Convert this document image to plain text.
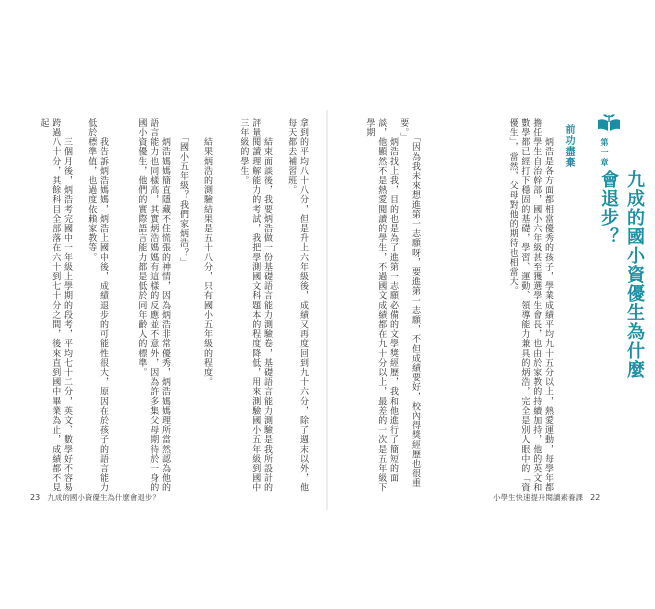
第一章
九成的國小資優生為什麼會退步？
前功盡棄
　　炳浩是各方面都相當優秀的孩子，學業成績平均九十五分以上，熱愛運動，每學年都擔任學生自治幹部，國小六年級甚至獲選學生會長，也由於家教的持續加持，他的英文和數學都已經打下穩固的基礎，學習、運動、領導能力兼具的炳浩，完全是別人眼中的「資優生」，當然，父母對他的期待也相當大。
　　「因為我未來想進第一志願呀，要進第一志願，不但成績要好，校內得獎經歷也很重要。」
　　炳浩找上我，目的也是為了進第一志願必備的文學獎經歷，我和他進行了簡短的面談，他顯然不是熱愛閱讀的學生，不過國文成績都在九十分以上，最差的一次是五年級下學期
拿到的平均八十八分，但是升上六年級後，成績又再度回到九十六分，除了週末以外，他每天都去補習班。
　　結束面談後，我要炳浩做一份基礎語言能力測驗卷，基礎語言能力測驗是我所設計的評量閱讀理解能力的考試，我把學測國文科題本的程度降低，用來測驗國小五年級到國中三年級的學生。
　　結果炳浩的測驗結果是五十八分，只有國小五年級的程度。
　　「國小五年級？我們家炳浩？」
　　炳浩媽媽簡直隱藏不住慌張的神情，因為炳浩非常優秀，炳浩媽媽理所當然認為他的語言能力也同樣高，其實炳浩媽媽有這樣的反應並不意外，因為許多集父母期待於一身的國小資優生，他們的實際語言能力都是低於同年齡人的標準。
　　我告訴炳浩媽媽，炳浩上國中後，成績退步的可能性很大，原因在於孩子的語言能力低於標準值，也過度依賴家教等。
　　三個月後，炳浩考完國中一年級上學期的段考，平均七十二分，英文、數學好不容易跨過八十分，其餘科目全部落在六十到七十分之間，後來直到國中畢業為止，成績都不見起
23 九成的國小資優生為什麼會退步？	小學生快速提升閱讀素養課 22
